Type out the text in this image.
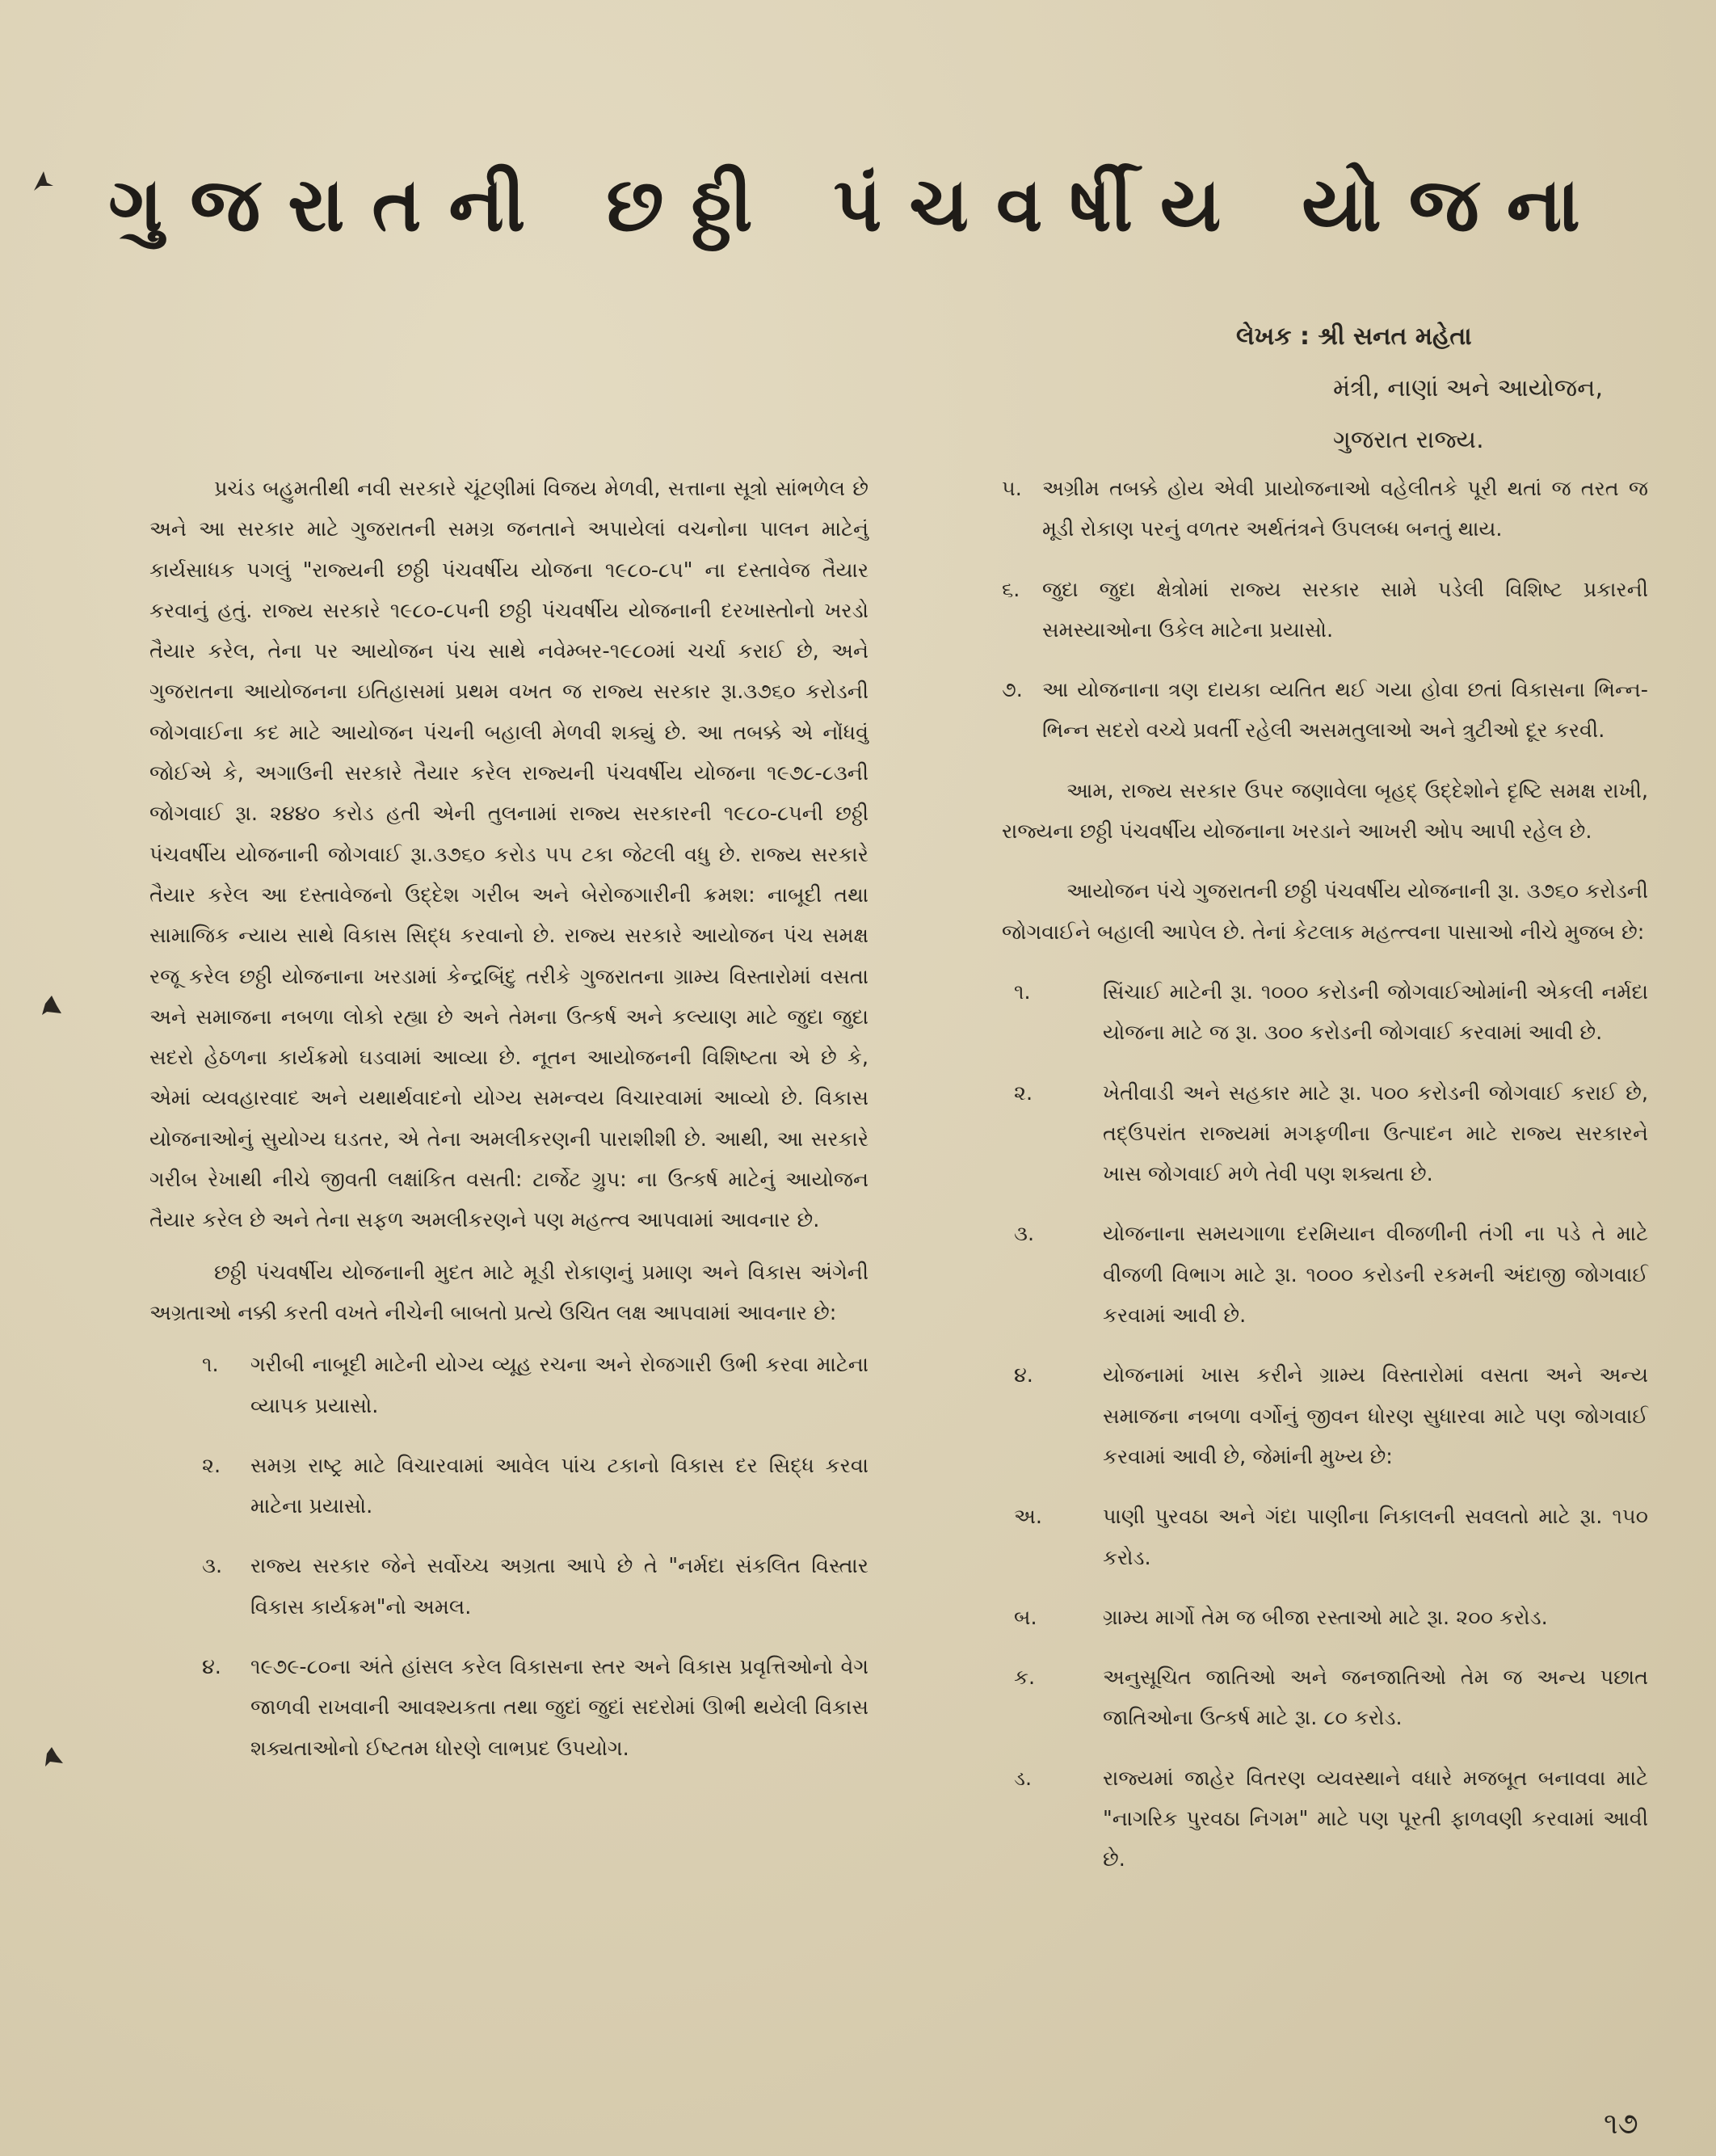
ગુજરાતની છઠ્ઠી પંચવર્ષીય યોજના
લેખક : શ્રી સનત મહેતા
મંત્રી, નાણાં અને આયોજન,
ગુજરાત રાજ્ય.

પ્રચંડ બહુમતીથી નવી સરકારે ચૂંટણીમાં વિજય મેળવી, સત્તાના સૂત્રો સાંભળેલ છે અને આ સરકાર માટે ગુજરાતની સમગ્ર જનતાને અપાયેલાં વચનોના પાલન માટેનું કાર્યસાધક પગલું "રાજ્યની છઠ્ઠી પંચવર્ષીય યોજના ૧૯૮૦-૮૫" ના દસ્તાવેજ તૈયાર કરવાનું હતું. રાજ્ય સરકારે ૧૯૮૦-૮૫ની છઠ્ઠી પંચવર્ષીય યોજનાની દરખાસ્તોનો ખરડો તૈયાર કરેલ, તેના પર આયોજન પંચ સાથે નવેમ્બર-૧૯૮૦માં ચર્ચા કરાઈ છે, અને ગુજરાતના આયોજનના ઇતિહાસમાં પ્રથમ વખત જ રાજ્ય સરકાર રૂા.૩૭૬૦ કરોડની જોગવાઈના કદ માટે આયોજન પંચની બહાલી મેળવી શક્યું છે. આ તબક્કે એ નોંધવું જોઈએ કે, અગાઉની સરકારે તૈયાર કરેલ રાજ્યની પંચવર્ષીય યોજના ૧૯૭૮-૮૩ની જોગવાઈ રૂા. ૨૪૪૦ કરોડ હતી એની તુલનામાં રાજ્ય સરકારની ૧૯૮૦-૮૫ની છઠ્ઠી પંચવર્ષીય યોજનાની જોગવાઈ રૂા.૩૭૬૦ કરોડ ૫૫ ટકા જેટલી વધુ છે. રાજ્ય સરકારે તૈયાર કરેલ આ દસ્તાવેજનો ઉદ્દેશ ગરીબ અને બેરોજગારીની ક્રમશ: નાબૂદી તથા સામાજિક ન્યાય સાથે વિકાસ સિદ્ધ કરવાનો છે. રાજ્ય સરકારે આયોજન પંચ સમક્ષ રજૂ કરેલ છઠ્ઠી યોજનાના ખરડામાં કેન્દ્રબિંદુ તરીકે ગુજરાતના ગ્રામ્ય વિસ્તારોમાં વસતા અને સમાજના નબળા લોકો રહ્યા છે અને તેમના ઉત્કર્ષ અને કલ્યાણ માટે જુદા જુદા સદરો હેઠળના કાર્યક્રમો ઘડવામાં આવ્યા છે. નૂતન આયોજનની વિશિષ્ટતા એ છે કે, એમાં વ્યવહારવાદ અને યથાર્થવાદનો યોગ્ય સમન્વય વિચારવામાં આવ્યો છે. વિકાસ યોજનાઓનું સુયોગ્ય ઘડતર, એ તેના અમલીકરણની પારાશીશી છે. આથી, આ સરકારે ગરીબ રેખાથી નીચે જીવતી લક્ષાંકિત વસતી: ટાર્જેટ ગ્રુપ: ના ઉત્કર્ષ માટેનું આયોજન તૈયાર કરેલ છે અને તેના સફળ અમલીકરણને પણ મહત્ત્વ આપવામાં આવનાર છે.

છઠ્ઠી પંચવર્ષીય યોજનાની મુદત માટે મૂડી રોકાણનું પ્રમાણ અને વિકાસ અંગેની અગ્રતાઓ નક્કી કરતી વખતે નીચેની બાબતો પ્રત્યે ઉચિત લક્ષ આપવામાં આવનાર છે:

૧.	ગરીબી નાબૂદી માટેની યોગ્ય વ્યૂહ રચના અને રોજગારી ઉભી કરવા માટેના વ્યાપક પ્રયાસો.
૨.	સમગ્ર રાષ્ટ્ર માટે વિચારવામાં આવેલ પાંચ ટકાનો વિકાસ દર સિદ્ધ કરવા માટેના પ્રયાસો.
૩.	રાજ્ય સરકાર જેને સર્વોચ્ચ અગ્રતા આપે છે તે "નર્મદા સંકલિત વિસ્તાર વિકાસ કાર્યક્રમ"નો અમલ.
૪.	૧૯૭૯-૮૦ના અંતે હાંસલ કરેલ વિકાસના સ્તર અને વિકાસ પ્રવૃત્તિઓનો વેગ જાળવી રાખવાની આવશ્યકતા તથા જુદાં જુદાં સદરોમાં ઊભી થયેલી વિકાસ શક્યતાઓનો ઈષ્ટતમ ધોરણે લાભપ્રદ ઉપયોગ.
૫. અગ્રીમ તબક્કે હોય એવી પ્રાયોજનાઓ વહેલીતકે પૂરી થતાં જ તરત જ મૂડી રોકાણ પરનું વળતર અર્થતંત્રને ઉપલબ્ધ બનતું થાય.
૬.	જુદા જુદા ક્ષેત્રોમાં રાજ્ય સરકાર સામે પડેલી વિશિષ્ટ પ્રકારની સમસ્યાઓના ઉકેલ માટેના પ્રયાસો.
૭. આ યોજનાના ત્રણ દાયકા વ્યતિત થઈ ગયા હોવા છતાં વિકાસના ભિન્ન-ભિન્ન સદરો વચ્ચે પ્રવર્તી રહેલી અસમતુલાઓ અને ત્રુટીઓ દૂર કરવી.

આમ, રાજ્ય સરકાર ઉપર જણાવેલા બૃહદ્ ઉદ્દેશોને દૃષ્ટિ સમક્ષ રાખી, રાજ્યના છઠ્ઠી પંચવર્ષીય યોજનાના ખરડાને આખરી ઓપ આપી રહેલ છે.

આયોજન પંચે ગુજરાતની છઠ્ઠી પંચવર્ષીય યોજનાની રૂા. ૩૭૬૦ કરોડની જોગવાઈને બહાલી આપેલ છે. તેનાં કેટલાક મહત્ત્વના પાસાઓ નીચે મુજબ છે:

૧.	સિંચાઈ માટેની રૂા. ૧૦૦૦ કરોડની જોગવાઈઓમાંની એકલી નર્મદા યોજના માટે જ રૂા. ૩૦૦ કરોડની જોગવાઈ કરવામાં આવી છે.
૨.	ખેતીવાડી અને સહકાર માટે રૂા. ૫૦૦ કરોડની જોગવાઈ કરાઈ છે, તદ્ઉપરાંત રાજ્યમાં મગફળીના ઉત્પાદન માટે રાજ્ય સરકારને ખાસ જોગવાઈ મળે તેવી પણ શક્યતા છે.
૩.	યોજનાના સમયગાળા દરમિયાન વીજળીની તંગી ના પડે તે માટે વીજળી વિભાગ માટે રૂા. ૧૦૦૦ કરોડની રકમની અંદાજી જોગવાઈ કરવામાં આવી છે.
૪.	યોજનામાં ખાસ કરીને ગ્રામ્ય વિસ્તારોમાં વસતા અને અન્ય સમાજના નબળા વર્ગોનું જીવન ધોરણ સુધારવા માટે પણ જોગવાઈ કરવામાં આવી છે, જેમાંની મુખ્ય છે:
અ.	પાણી પુરવઠા અને ગંદા પાણીના નિકાલની સવલતો માટે રૂા. ૧૫૦ કરોડ.
બ.	ગ્રામ્ય માર્ગો તેમ જ બીજા રસ્તાઓ માટે રૂા. ૨૦૦ કરોડ.
ક.	અનુસૂચિત જાતિઓ અને જનજાતિઓ તેમ જ અન્ય પછાત જાતિઓના ઉત્કર્ષ માટે રૂા. ૮૦ કરોડ.
ડ.	રાજ્યમાં જાહેર વિતરણ વ્યવસ્થાને વધારે મજબૂત બનાવવા માટે "નાગરિક પુરવઠા નિગમ" માટે પણ પૂરતી ફાળવણી કરવામાં આવી છે.
૧૭
